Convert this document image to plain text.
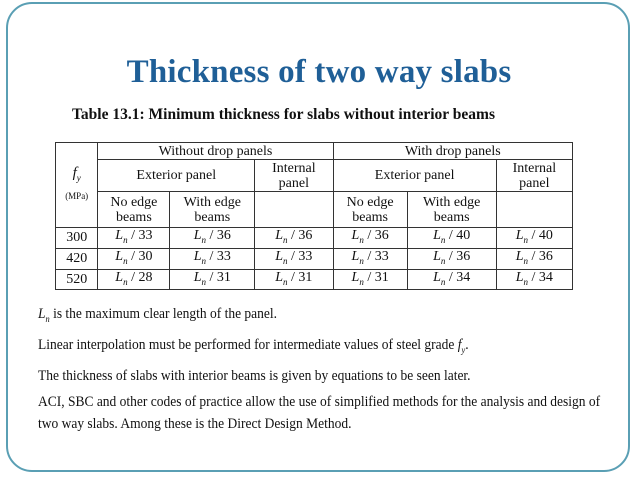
Thickness of two way slabs
Table 13.1: Minimum thickness for slabs without interior beams
$f_y$
(MPa)	Without drop panels			With drop panels		
	Exterior panel		Internal panel	Exterior panel		Internal panel
	No edge beams	With edge beams		No edge beams	With edge beams	
300	$L_n / 33$	$L_n / 36$	$L_n / 36$	$L_n / 36$	$L_n / 40$	$L_n / 40$
420	$L_n / 30$	$L_n / 33$	$L_n / 33$	$L_n / 33$	$L_n / 36$	$L_n / 36$
520	$L_n / 28$	$L_n / 31$	$L_n / 31$	$L_n / 31$	$L_n / 34$	$L_n / 34$

$L_n$ is the maximum clear length of the panel.

Linear interpolation must be performed for intermediate values of steel grade $f_y$.

The thickness of slabs with interior beams is given by equations to be seen later.

ACI, SBC and other codes of practice allow the use of simplified methods for the analysis and design of

two way slabs. Among these is the Direct Design Method.
